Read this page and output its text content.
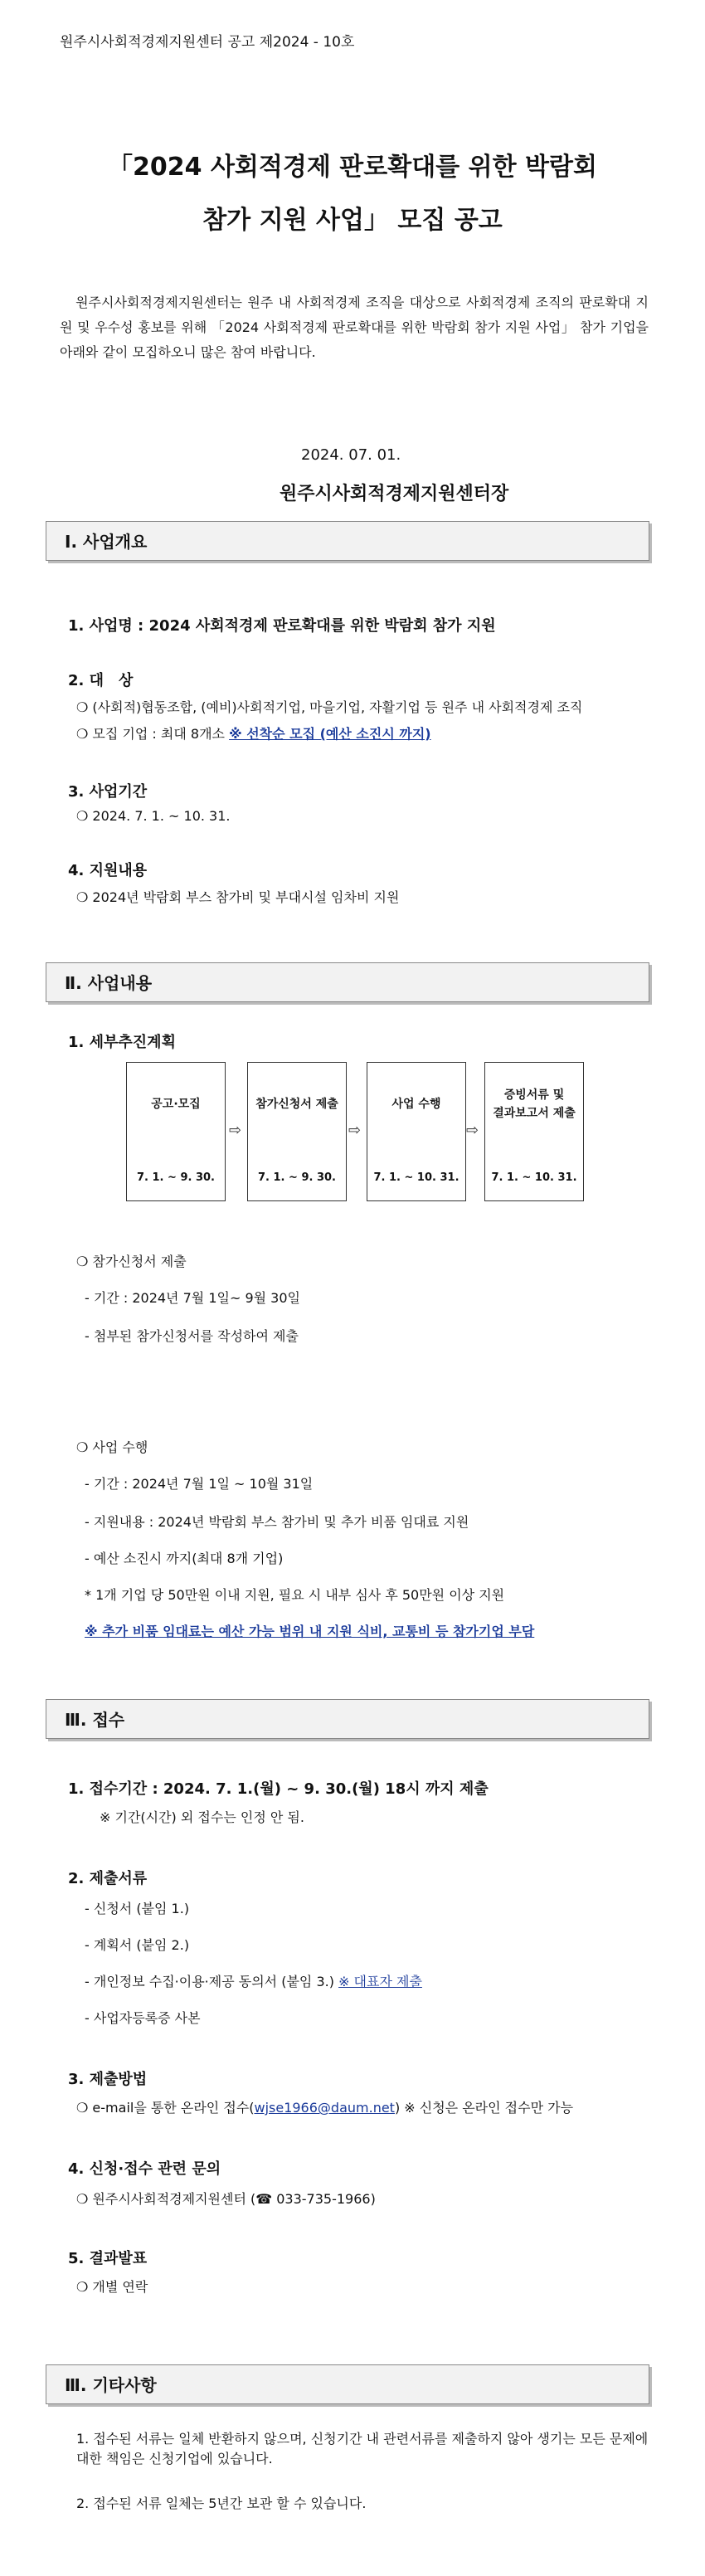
원주시사회적경제지원센터 공고 제2024 - 10호
「2024 사회적경제 판로확대를 위한 박람회
참가 지원 사업」 모집 공고
원주시사회적경제지원센터는 원주 내 사회적경제 조직을 대상으로 사회적경제 조직의 판로확대 지원 및 우수성 홍보를 위해 「2024 사회적경제 판로확대를 위한 박람회 참가 지원 사업」 참가 기업을 아래와 같이 모집하오니 많은 참여 바랍니다.
2024. 07. 01.
원주시사회적경제지원센터장
Ⅰ. 사업개요
1. 사업명 : 2024 사회적경제 판로확대를 위한 박람회 참가 지원
2. 대　상
❍ (사회적)협동조합, (예비)사회적기업, 마을기업, 자활기업 등 원주 내 사회적경제 조직
❍ 모집 기업 : 최대 8개소 ※ 선착순 모집 (예산 소진시 까지)
3. 사업기간
❍ 2024. 7. 1. ~ 10. 31.
4. 지원내용
❍ 2024년 박람회 부스 참가비 및 부대시설 임차비 지원
Ⅱ. 사업내용
1. 세부추진계획
공고·모집
7. 1. ~ 9. 30.
⇨
참가신청서 제출
7. 1. ~ 9. 30.
⇨
사업 수행
7. 1. ~ 10. 31.
⇨
증빙서류 및
결과보고서 제출
7. 1. ~ 10. 31.
❍ 참가신청서 제출
- 기간 : 2024년 7월 1일~ 9월 30일
- 첨부된 참가신청서를 작성하여 제출
❍ 사업 수행
- 기간 : 2024년 7월 1일 ~ 10월 31일
- 지원내용 : 2024년 박람회 부스 참가비 및 추가 비품 임대료 지원
- 예산 소진시 까지(최대 8개 기업)
* 1개 기업 당 50만원 이내 지원, 필요 시 내부 심사 후 50만원 이상 지원
※ 추가 비품 임대료는 예산 가능 범위 내 지원 식비, 교통비 등 참가기업 부담
Ⅲ. 접수
1. 접수기간 : 2024. 7. 1.(월) ~ 9. 30.(월) 18시 까지 제출
※ 기간(시간) 외 접수는 인정 안 됨.
2. 제출서류
- 신청서 (붙임 1.)
- 계획서 (붙임 2.)
- 개인정보 수집·이용·제공 동의서 (붙임 3.) ※ 대표자 제출
- 사업자등록증 사본
3. 제출방법
❍ e-mail을 통한 온라인 접수(wjse1966@daum.net) ※ 신청은 온라인 접수만 가능
4. 신청·접수 관련 문의
❍ 원주시사회적경제지원센터 (☎ 033-735-1966)
5. 결과발표
❍ 개별 연락
Ⅲ. 기타사항
1. 접수된 서류는 일체 반환하지 않으며, 신청기간 내 관련서류를 제출하지 않아 생기는 모든 문제에 대한 책임은 신청기업에 있습니다.
2. 접수된 서류 일체는 5년간 보관 할 수 있습니다.
